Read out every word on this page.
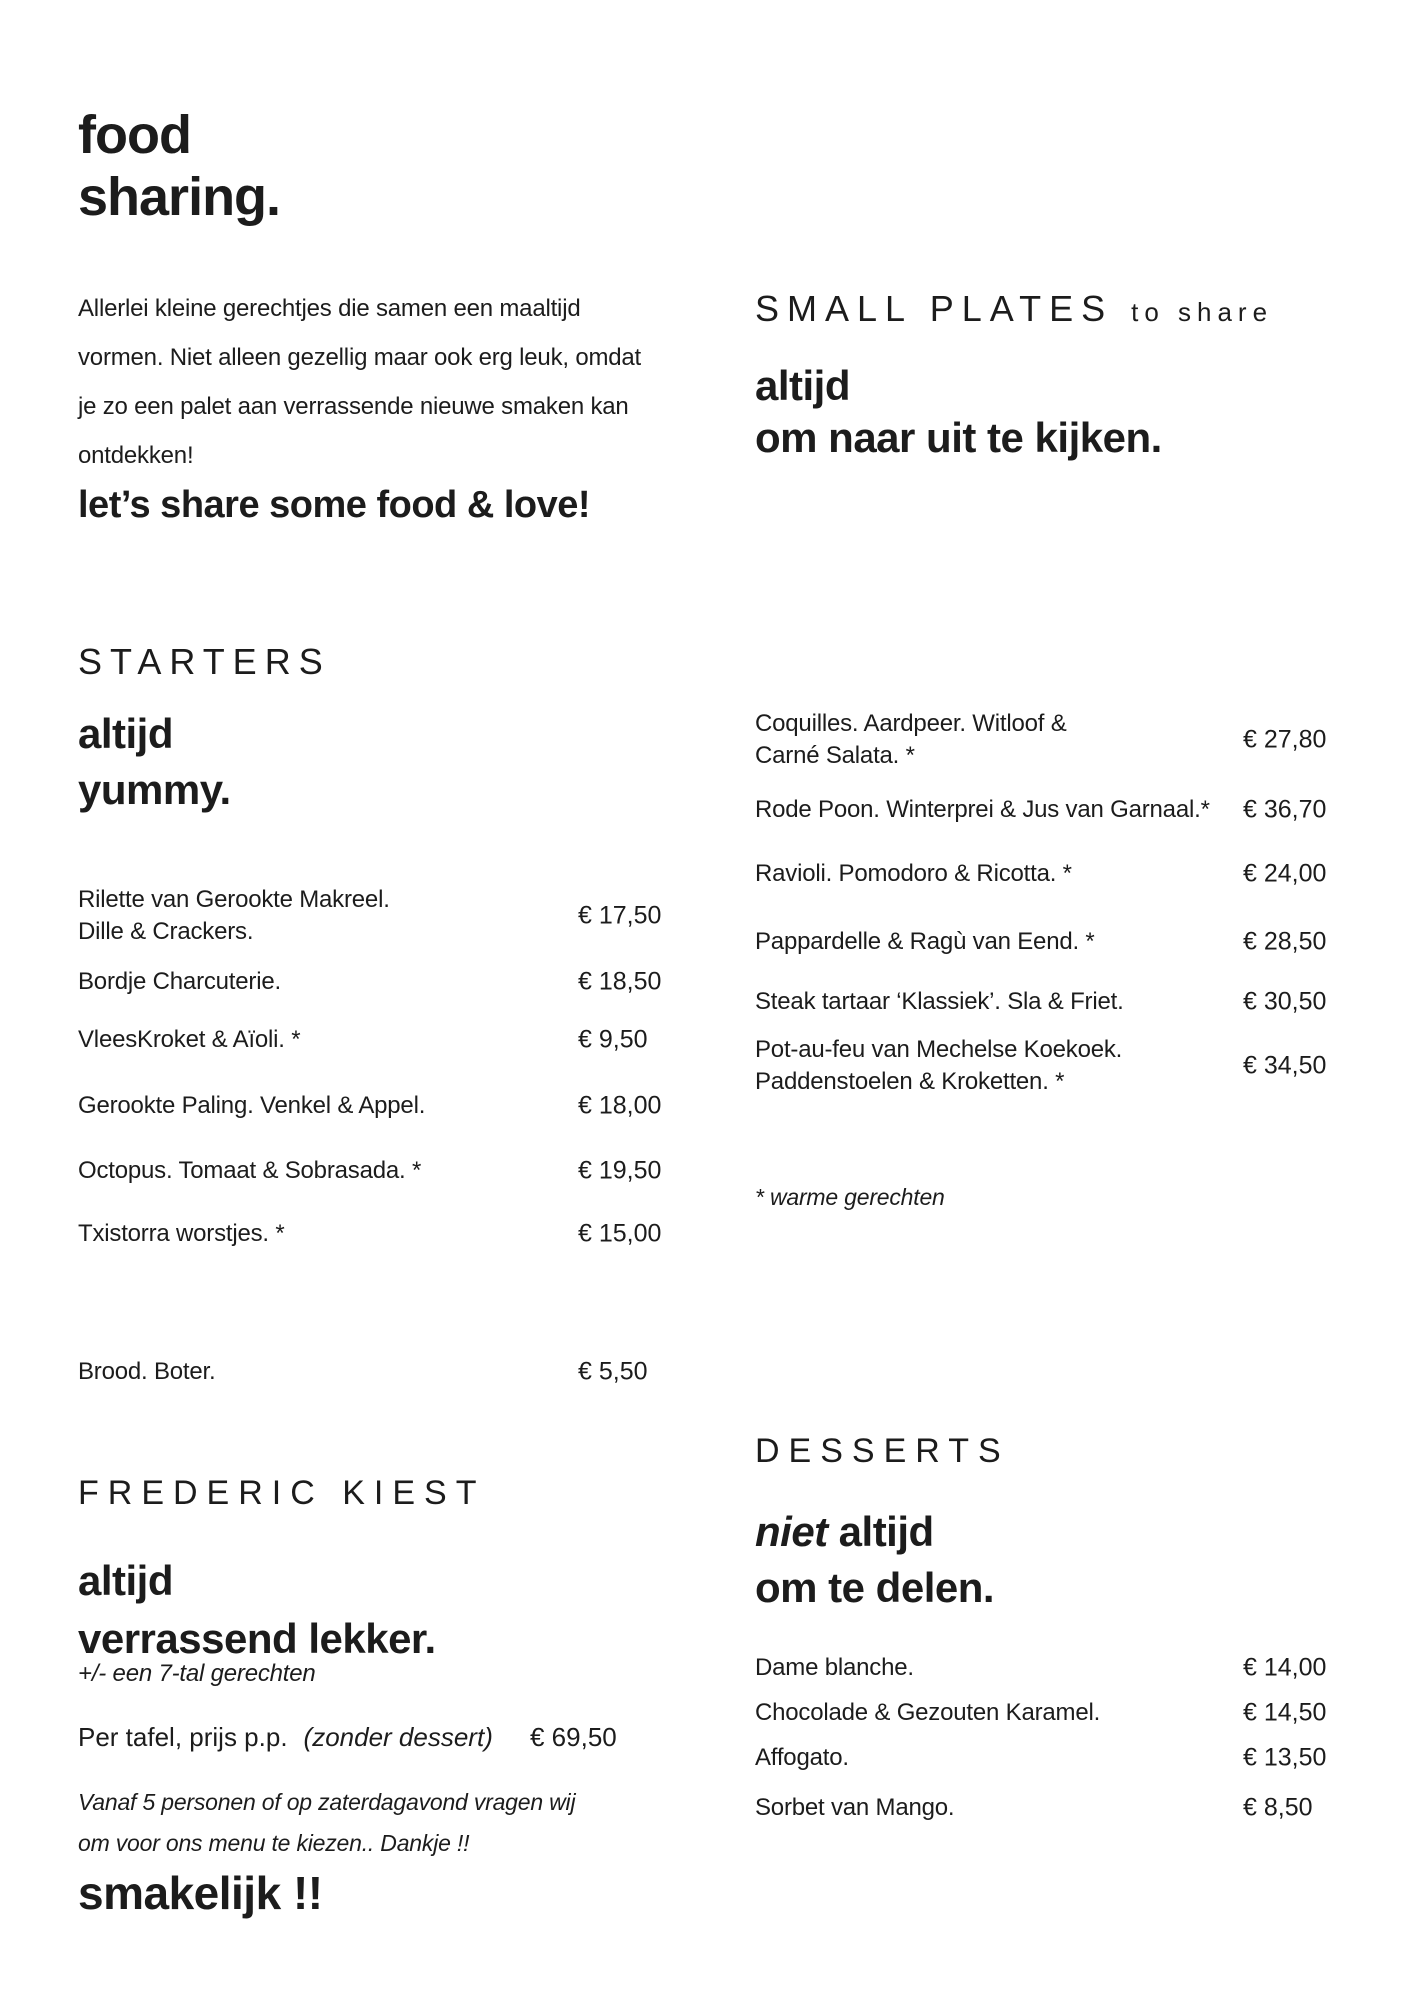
food
sharing.
Allerlei kleine gerechtjes die samen een maaltijd
vormen. Niet alleen gezellig maar ook erg leuk, omdat
je zo een palet aan verrassende nieuwe smaken kan
ontdekken!
let’s share some food & love!
STARTERS
altijd
yummy.
Rilette van Gerookte Makreel.
Dille & Crackers.
€ 17,50
Bordje Charcuterie.	€ 18,50
VleesKroket & Aïoli. *	€ 9,50
Gerookte Paling. Venkel & Appel.	€ 18,00
Octopus. Tomaat & Sobrasada. *	€ 19,50
Txistorra worstjes. *	€ 15,00
Brood. Boter.	€ 5,50
FREDERIC KIEST
altijd
verrassend lekker.
+/- een 7-tal gerechten
Per tafel, prijs p.p. (zonder dessert) € 69,50
Vanaf 5 personen of op zaterdagavond vragen wij
om voor ons menu te kiezen.. Dankje !!
smakelijk !!
SMALL PLATES to share
altijd
om naar uit te kijken.
Coquilles. Aardpeer. Witloof &
Carné Salata. *
€ 27,80
Rode Poon. Winterprei & Jus van Garnaal.* € 36,70
Ravioli. Pomodoro & Ricotta. *	€ 24,00
Pappardelle & Ragù van Eend. *	€ 28,50
Steak tartaar ‘Klassiek’. Sla & Friet.	€ 30,50
Pot-au-feu van Mechelse Koekoek.
Paddenstoelen & Kroketten. *
€ 34,50
* warme gerechten
DESSERTS
niet altijd
om te delen.
Dame blanche.	€ 14,00
Chocolade & Gezouten Karamel.	€ 14,50
Affogato.	€ 13,50
Sorbet van Mango.	€ 8,50
